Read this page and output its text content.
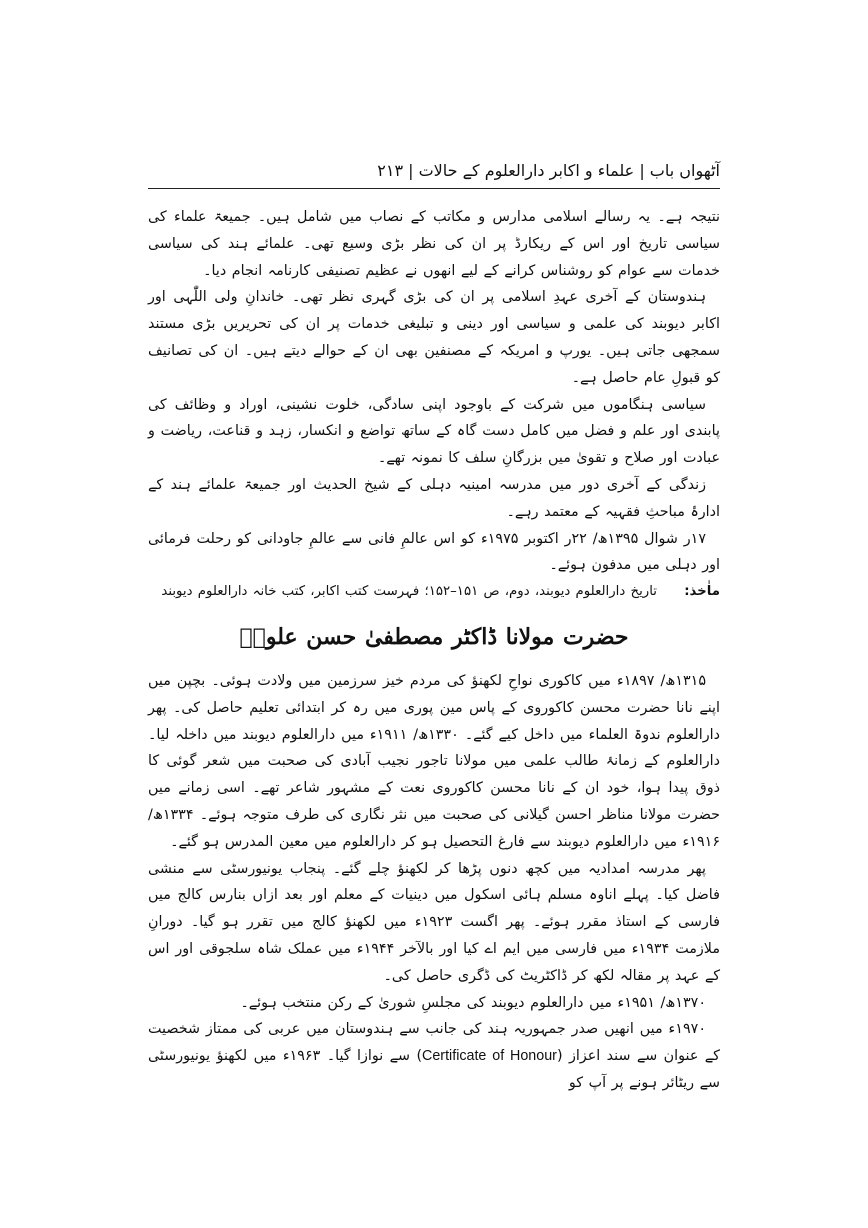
آٹھواں باب | علماء و اکابر دارالعلوم کے حالات | ۲۱۳

نتیجہ ہے۔ یہ رسالے اسلامی مدارس و مکاتب کے نصاب میں شامل ہیں۔ جمیعۃ علماء کی سیاسی تاریخ اور اس کے ریکارڈ پر ان کی نظر بڑی وسیع تھی۔ علمائے ہند کی سیاسی خدمات سے عوام کو روشناس کرانے کے لیے انھوں نے عظیم تصنیفی کارنامہ انجام دیا۔

ہندوستان کے آخری عہدِ اسلامی پر ان کی بڑی گہری نظر تھی۔ خاندانِ ولی اللّٰہی اور اکابر دیوبند کی علمی و سیاسی اور دینی و تبلیغی خدمات پر ان کی تحریریں بڑی مستند سمجھی جاتی ہیں۔ یورپ و امریکہ کے مصنفین بھی ان کے حوالے دیتے ہیں۔ ان کی تصانیف کو قبولِ عام حاصل ہے۔

سیاسی ہنگاموں میں شرکت کے باوجود اپنی سادگی، خلوت نشینی، اوراد و وظائف کی پابندی اور علم و فضل میں کامل دست گاہ کے ساتھ تواضع و انکسار، زہد و قناعت، ریاضت و عبادت اور صلاح و تقویٰ میں بزرگانِ سلف کا نمونہ تھے۔

زندگی کے آخری دور میں مدرسہ امینیہ دہلی کے شیخ الحدیث اور جمیعۃ علمائے ہند کے ادارۂ مباحثِ فقہیہ کے معتمد رہے۔

۱۷ر شوال ۱۳۹۵ھ/ ۲۲ر اکتوبر ۱۹۷۵ء کو اس عالمِ فانی سے عالمِ جاودانی کو رحلت فرمائی اور دہلی میں مدفون ہوئے۔

ماٰخذ: تاریخ دارالعلوم دیوبند، دوم، ص ۱۵۱–۱۵۲؛ فہرست کتب اکابر، کتب خانہ دارالعلوم دیوبند

حضرت مولانا ڈاکٹر مصطفیٰ حسن علویؒ

۱۳۱۵ھ/ ۱۸۹۷ء میں کاکوری نواحِ لکھنؤ کی مردم خیز سرزمین میں ولادت ہوئی۔ بچپن میں اپنے نانا حضرت محسن کاکوروی کے پاس مین پوری میں رہ کر ابتدائی تعلیم حاصل کی۔ پھر دارالعلوم ندوۃ العلماء میں داخل کیے گئے۔ ۱۳۳۰ھ/ ۱۹۱۱ء میں دارالعلوم دیوبند میں داخلہ لیا۔ دارالعلوم کے زمانۂ طالب علمی میں مولانا تاجور نجیب آبادی کی صحبت میں شعر گوئی کا ذوق پیدا ہوا، خود ان کے نانا محسن کاکوروی نعت کے مشہور شاعر تھے۔ اسی زمانے میں حضرت مولانا مناظر احسن گیلانی کی صحبت میں نثر نگاری کی طرف متوجہ ہوئے۔ ۱۳۳۴ھ/ ۱۹۱۶ء میں دارالعلوم دیوبند سے فارغ التحصیل ہو کر دارالعلوم میں معین المدرس ہو گئے۔

پھر مدرسہ امدادیہ میں کچھ دنوں پڑھا کر لکھنؤ چلے گئے۔ پنجاب یونیورسٹی سے منشی فاضل کیا۔ پہلے اناوہ مسلم ہائی اسکول میں دینیات کے معلم اور بعد ازاں بنارس کالج میں فارسی کے استاذ مقرر ہوئے۔ پھر اگست ۱۹۲۳ء میں لکھنؤ کالج میں تقرر ہو گیا۔ دورانِ ملازمت ۱۹۳۴ء میں فارسی میں ایم اے کیا اور بالآخر ۱۹۴۴ء میں عملک شاہ سلجوقی اور اس کے عہد پر مقالہ لکھ کر ڈاکٹریٹ کی ڈگری حاصل کی۔

۱۳۷۰ھ/ ۱۹۵۱ء میں دارالعلوم دیوبند کی مجلسِ شوریٰ کے رکن منتخب ہوئے۔

۱۹۷۰ء میں انھیں صدر جمہوریہ ہند کی جانب سے ہندوستان میں عربی کی ممتاز شخصیت کے عنوان سے سند اعزاز (Certificate of Honour) سے نوازا گیا۔ ۱۹۶۳ء میں لکھنؤ یونیورسٹی سے ریٹائر ہونے پر آپ کو
